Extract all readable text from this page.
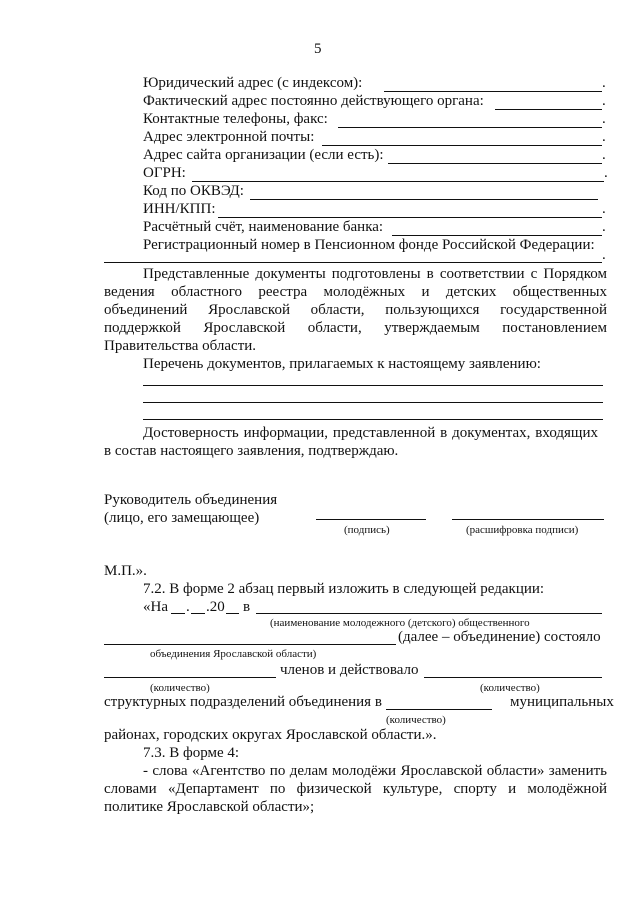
5
Юридический адрес (с индексом):	.
Фактический адрес постоянно действующего органа:	.
Контактные телефоны, факс:	.
Адрес электронной почты:	.
Адрес сайта организации (если есть):	.
ОГРН:	.
Код по ОКВЭД:
ИНН/КПП:	.
Расчётный счёт, наименование банка:	.
Регистрационный номер в Пенсионном фонде Российской Федерации:
.
Представленные документы подготовлены в соответствии с Порядком
ведения областного реестра молодёжных и детских общественных
объединений Ярославской области, пользующихся государственной
поддержкой Ярославской области, утверждаемым постановлением
Правительства области.
Перечень документов, прилагаемых к настоящему заявлению:
Достоверность информации, представленной в документах, входящих
в состав настоящего заявления, подтверждаю.
Руководитель объединения
(лицо, его замещающее)
(подпись)	(расшифровка подписи)
М.П.».
7.2. В форме 2 абзац первый изложить в следующей редакции:
«На . .20 в
(наименование молодежного (детского) общественного
(далее – объединение) состояло
объединения Ярославской области)
членов и действовало
(количество)	(количество)
структурных подразделений объединения в	муниципальных
(количество)
районах, городских округах Ярославской области.».
7.3. В форме 4:
- слова «Агентство по делам молодёжи Ярославской области» заменить
словами «Департамент по физической культуре, спорту и молодёжной
политике Ярославской области»;
